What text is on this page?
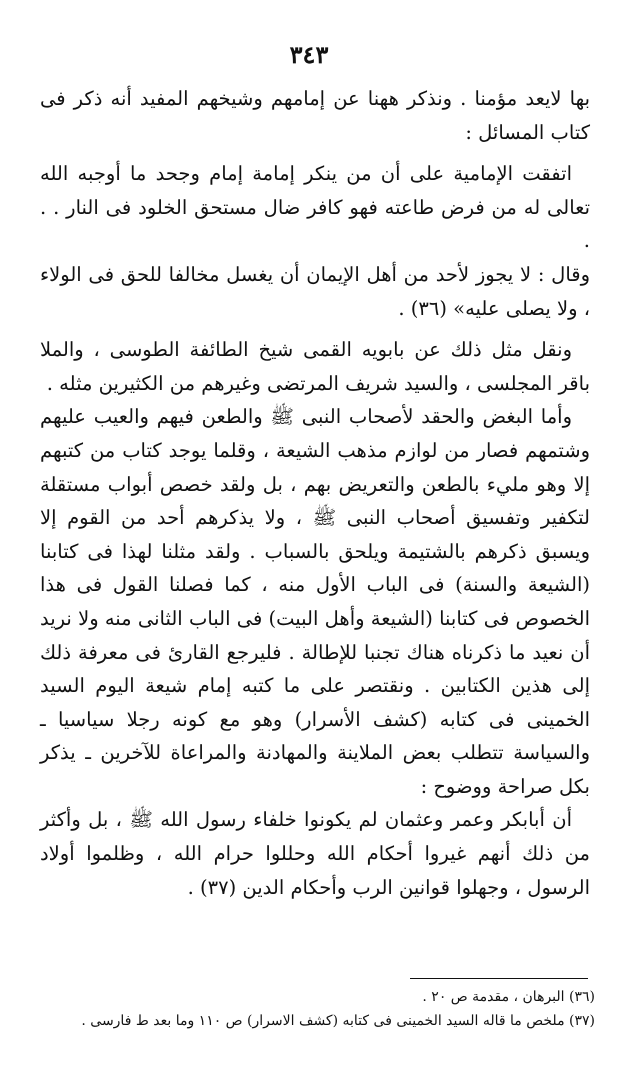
٣٤٣

بها لايعد مؤمنا . ونذكر ههنا عن إمامهم وشيخهم المفيد أنه ذكر فى كتاب المسائل :

اتفقت الإمامية على أن من ينكر إمامة إمام وجحد ما أوجبه الله تعالى له من فرض طاعته فهو كافر ضال مستحق الخلود فى النار . . .

وقال : لا يجوز لأحد من أهل الإيمان أن يغسل مخالفا للحق فى الولاء ، ولا يصلى عليه» (٣٦) .

ونقل مثل ذلك عن بابويه القمى شيخ الطائفة الطوسى ، والملا باقر المجلسى ، والسيد شريف المرتضى وغيرهم من الكثيرين مثله .

وأما البغض والحقد لأصحاب النبى ﷺ والطعن فيهم والعيب عليهم وشتمهم فصار من لوازم مذهب الشيعة ، وقلما يوجد كتاب من كتبهم إلا وهو مليء بالطعن والتعريض بهم ، بل ولقد خصص أبواب مستقلة لتكفير وتفسيق أصحاب النبى ﷺ ، ولا يذكرهم أحد من القوم إلا ويسبق ذكرهم بالشتيمة ويلحق بالسباب . ولقد مثلنا لهذا فى كتابنا (الشيعة والسنة) فى الباب الأول منه ، كما فصلنا القول فى هذا الخصوص فى كتابنا (الشيعة وأهل البيت) فى الباب الثانى منه ولا نريد أن نعيد ما ذكرناه هناك تجنبا للإطالة . فليرجع القارئ فى معرفة ذلك إلى هذين الكتابين . ونقتصر على ما كتبه إمام شيعة اليوم السيد الخمينى فى كتابه (كشف الأسرار) وهو مع كونه رجلا سياسيا ـ والسياسة تتطلب بعض الملاينة والمهادنة والمراعاة للآخرين ـ يذكر بكل صراحة ووضوح :

أن أبابكر وعمر وعثمان لم يكونوا خلفاء رسول الله ﷺ ، بل وأكثر من ذلك أنهم غيروا أحكام الله وحللوا حرام الله ، وظلموا أولاد الرسول ، وجهلوا قوانين الرب وأحكام الدين (٣٧) .

(٣٦) البرهان ، مقدمة ص ٢٠ .

(٣٧) ملخص ما قاله السيد الخمينى فى كتابه (كشف الاسرار) ص ١١٠ وما بعد ط فارسى .
